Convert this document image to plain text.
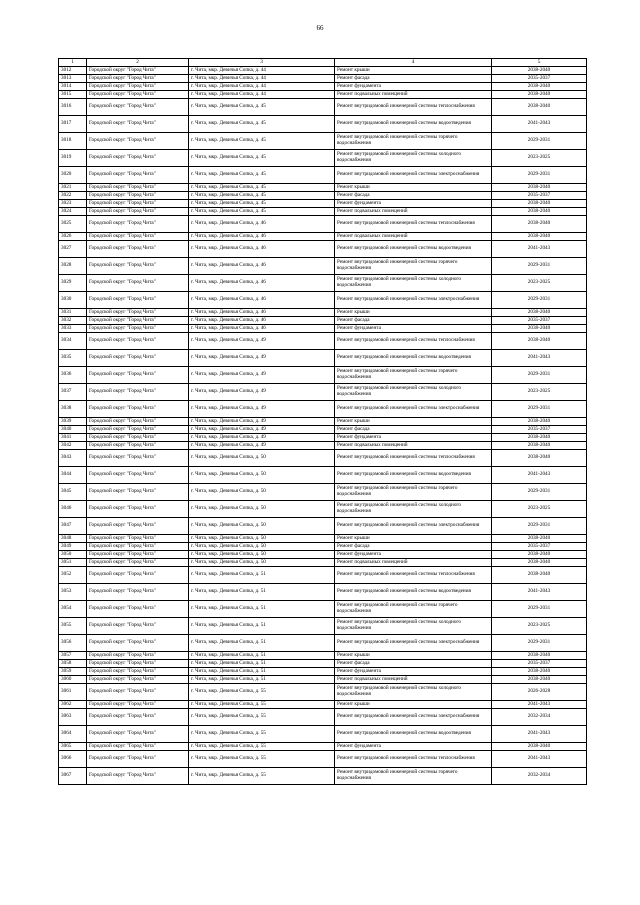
66
1	2	3	4	5
3012	Городской округ "Город Чита"	г. Чита, мкр. Девичья Сопка, д. 44	Ремонт крыши	2038-2040
3013	Городской округ "Город Чита"	г. Чита, мкр. Девичья Сопка, д. 44	Ремонт фасада	2035-2037
3014	Городской округ "Город Чита"	г. Чита, мкр. Девичья Сопка, д. 44	Ремонт фундамента	2038-2040
3015	Городской округ "Город Чита"	г. Чита, мкр. Девичья Сопка, д. 44	Ремонт подвальных помещений	2038-2040
3016	Городской округ "Город Чита"	г. Чита, мкр. Девичья Сопка, д. 45	Ремонт внутридомовой инженерной системы теплоснабжения	2038-2040
3017	Городской округ "Город Чита"	г. Чита, мкр. Девичья Сопка, д. 45	Ремонт внутридомовой инженерной системы водоотведения	2041-2043
3018	Городской округ "Город Чита"	г. Чита, мкр. Девичья Сопка, д. 45	Ремонт внутридомовой инженерной системы горячего водоснабжения	2029-2031
3019	Городской округ "Город Чита"	г. Чита, мкр. Девичья Сопка, д. 45	Ремонт внутридомовой инженерной системы холодного водоснабжения	2023-2025
3020	Городской округ "Город Чита"	г. Чита, мкр. Девичья Сопка, д. 45	Ремонт внутридомовой инженерной системы электроснабжения	2029-2031
3021	Городской округ "Город Чита"	г. Чита, мкр. Девичья Сопка, д. 45	Ремонт крыши	2038-2040
3022	Городской округ "Город Чита"	г. Чита, мкр. Девичья Сопка, д. 45	Ремонт фасада	2035-2037
3023	Городской округ "Город Чита"	г. Чита, мкр. Девичья Сопка, д. 45	Ремонт фундамента	2038-2040
3024	Городской округ "Город Чита"	г. Чита, мкр. Девичья Сопка, д. 45	Ремонт подвальных помещений	2038-2040
3025	Городской округ "Город Чита"	г. Чита, мкр. Девичья Сопка, д. 46	Ремонт внутридомовой инженерной системы теплоснабжения	2038-2040
3026	Городской округ "Город Чита"	г. Чита, мкр. Девичья Сопка, д. 46	Ремонт подвальных помещений	2038-2040
3027	Городской округ "Город Чита"	г. Чита, мкр. Девичья Сопка, д. 46	Ремонт внутридомовой инженерной системы водоотведения	2041-2043
3028	Городской округ "Город Чита"	г. Чита, мкр. Девичья Сопка, д. 46	Ремонт внутридомовой инженерной системы горячего водоснабжения	2029-2031
3029	Городской округ "Город Чита"	г. Чита, мкр. Девичья Сопка, д. 46	Ремонт внутридомовой инженерной системы холодного водоснабжения	2023-2025
3030	Городской округ "Город Чита"	г. Чита, мкр. Девичья Сопка, д. 46	Ремонт внутридомовой инженерной системы электроснабжения	2029-2031
3031	Городской округ "Город Чита"	г. Чита, мкр. Девичья Сопка, д. 46	Ремонт крыши	2038-2040
3032	Городской округ "Город Чита"	г. Чита, мкр. Девичья Сопка, д. 46	Ремонт фасада	2035-2037
3033	Городской округ "Город Чита"	г. Чита, мкр. Девичья Сопка, д. 46	Ремонт фундамента	2038-2040
3034	Городской округ "Город Чита"	г. Чита, мкр. Девичья Сопка, д. 49	Ремонт внутридомовой инженерной системы теплоснабжения	2038-2040
3035	Городской округ "Город Чита"	г. Чита, мкр. Девичья Сопка, д. 49	Ремонт внутридомовой инженерной системы водоотведения	2041-2043
3036	Городской округ "Город Чита"	г. Чита, мкр. Девичья Сопка, д. 49	Ремонт внутридомовой инженерной системы горячего водоснабжения	2029-2031
3037	Городской округ "Город Чита"	г. Чита, мкр. Девичья Сопка, д. 49	Ремонт внутридомовой инженерной системы холодного водоснабжения	2023-2025
3038	Городской округ "Город Чита"	г. Чита, мкр. Девичья Сопка, д. 49	Ремонт внутридомовой инженерной системы электроснабжения	2029-2031
3039	Городской округ "Город Чита"	г. Чита, мкр. Девичья Сопка, д. 49	Ремонт крыши	2038-2040
3040	Городской округ "Город Чита"	г. Чита, мкр. Девичья Сопка, д. 49	Ремонт фасада	2035-2037
3041	Городской округ "Город Чита"	г. Чита, мкр. Девичья Сопка, д. 49	Ремонт фундамента	2038-2040
3042	Городской округ "Город Чита"	г. Чита, мкр. Девичья Сопка, д. 49	Ремонт подвальных помещений	2038-2040
3043	Городской округ "Город Чита"	г. Чита, мкр. Девичья Сопка, д. 50	Ремонт внутридомовой инженерной системы теплоснабжения	2038-2040
3044	Городской округ "Город Чита"	г. Чита, мкр. Девичья Сопка, д. 50	Ремонт внутридомовой инженерной системы водоотведения	2041-2043
3045	Городской округ "Город Чита"	г. Чита, мкр. Девичья Сопка, д. 50	Ремонт внутридомовой инженерной системы горячего водоснабжения	2029-2031
3046	Городской округ "Город Чита"	г. Чита, мкр. Девичья Сопка, д. 50	Ремонт внутридомовой инженерной системы холодного водоснабжения	2023-2025
3047	Городской округ "Город Чита"	г. Чита, мкр. Девичья Сопка, д. 50	Ремонт внутридомовой инженерной системы электроснабжения	2029-2031
3048	Городской округ "Город Чита"	г. Чита, мкр. Девичья Сопка, д. 50	Ремонт крыши	2038-2040
3049	Городской округ "Город Чита"	г. Чита, мкр. Девичья Сопка, д. 50	Ремонт фасада	2035-2037
3050	Городской округ "Город Чита"	г. Чита, мкр. Девичья Сопка, д. 50	Ремонт фундамента	2038-2040
3051	Городской округ "Город Чита"	г. Чита, мкр. Девичья Сопка, д. 50	Ремонт подвальных помещений	2038-2040
3052	Городской округ "Город Чита"	г. Чита, мкр. Девичья Сопка, д. 51	Ремонт внутридомовой инженерной системы теплоснабжения	2038-2040
3053	Городской округ "Город Чита"	г. Чита, мкр. Девичья Сопка, д. 51	Ремонт внутридомовой инженерной системы водоотведения	2041-2043
3054	Городской округ "Город Чита"	г. Чита, мкр. Девичья Сопка, д. 51	Ремонт внутридомовой инженерной системы горячего водоснабжения	2029-2031
3055	Городской округ "Город Чита"	г. Чита, мкр. Девичья Сопка, д. 51	Ремонт внутридомовой инженерной системы холодного водоснабжения	2023-2025
3056	Городской округ "Город Чита"	г. Чита, мкр. Девичья Сопка, д. 51	Ремонт внутридомовой инженерной системы электроснабжения	2029-2031
3057	Городской округ "Город Чита"	г. Чита, мкр. Девичья Сопка, д. 51	Ремонт крыши	2038-2040
3058	Городской округ "Город Чита"	г. Чита, мкр. Девичья Сопка, д. 51	Ремонт фасада	2035-2037
3059	Городской округ "Город Чита"	г. Чита, мкр. Девичья Сопка, д. 51	Ремонт фундамента	2038-2040
3060	Городской округ "Город Чита"	г. Чита, мкр. Девичья Сопка, д. 51	Ремонт подвальных помещений	2038-2040
3061	Городской округ "Город Чита"	г. Чита, мкр. Девичья Сопка, д. 55	Ремонт внутридомовой инженерной системы холодного водоснабжения	2026-2028
3062	Городской округ "Город Чита"	г. Чита, мкр. Девичья Сопка, д. 55	Ремонт крыши	2041-2043
3063	Городской округ "Город Чита"	г. Чита, мкр. Девичья Сопка, д. 55	Ремонт внутридомовой инженерной системы электроснабжения	2032-2034
3064	Городской округ "Город Чита"	г. Чита, мкр. Девичья Сопка, д. 55	Ремонт внутридомовой инженерной системы водоотведения	2041-2043
3065	Городской округ "Город Чита"	г. Чита, мкр. Девичья Сопка, д. 55	Ремонт фундамента	2038-2040
3066	Городской округ "Город Чита"	г. Чита, мкр. Девичья Сопка, д. 55	Ремонт внутридомовой инженерной системы теплоснабжения	2041-2043
3067	Городской округ "Город Чита"	г. Чита, мкр. Девичья Сопка, д. 55	Ремонт внутридомовой инженерной системы горячего водоснабжения	2032-2034
